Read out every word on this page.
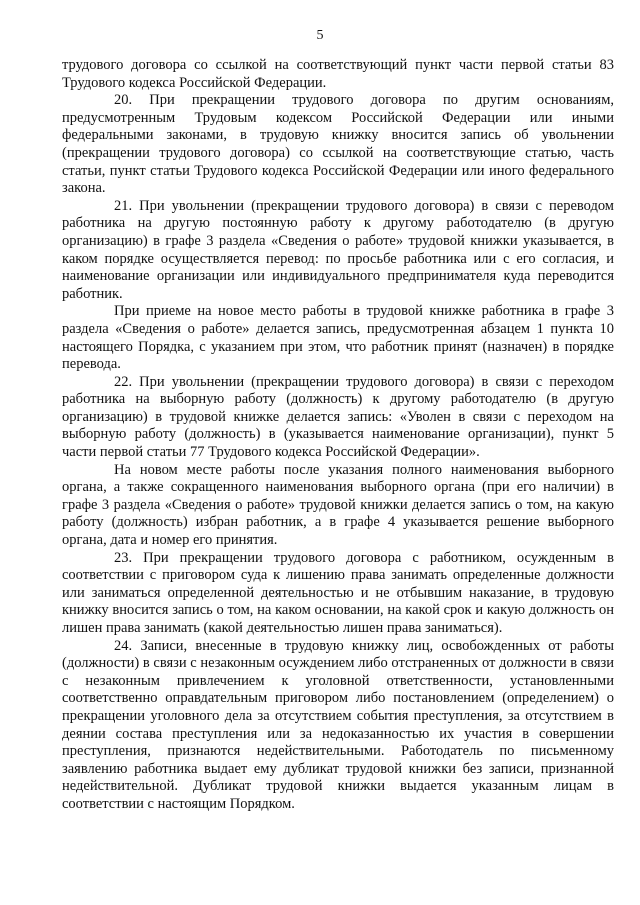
5

трудового договора со ссылкой на соответствующий пункт части первой статьи 83 Трудового кодекса Российской Федерации.

20. При прекращении трудового договора по другим основаниям, предусмотренным Трудовым кодексом Российской Федерации или иными федеральными законами, в трудовую книжку вносится запись об увольнении (прекращении трудового договора) со ссылкой на соответствующие статью, часть статьи, пункт статьи Трудового кодекса Российской Федерации или иного федерального закона.

21. При увольнении (прекращении трудового договора) в связи с переводом работника на другую постоянную работу к другому работодателю (в другую организацию) в графе 3 раздела «Сведения о работе» трудовой книжки указывается, в каком порядке осуществляется перевод: по просьбе работника или с его согласия, и наименование организации или индивидуального предпринимателя куда переводится работник.

При приеме на новое место работы в трудовой книжке работника в графе 3 раздела «Сведения о работе» делается запись, предусмотренная абзацем 1 пункта 10 настоящего Порядка, с указанием при этом, что работник принят (назначен) в порядке перевода.

22. При увольнении (прекращении трудового договора) в связи с переходом работника на выборную работу (должность) к другому работодателю (в другую организацию) в трудовой книжке делается запись: «Уволен в связи с переходом на выборную работу (должность) в (указывается наименование организации), пункт 5 части первой статьи 77 Трудового кодекса Российской Федерации».

На новом месте работы после указания полного наименования выборного органа, а также сокращенного наименования выборного органа (при его наличии) в графе 3 раздела «Сведения о работе» трудовой книжки делается запись о том, на какую работу (должность) избран работник, а в графе 4 указывается решение выборного органа, дата и номер его принятия.

23. При прекращении трудового договора с работником, осужденным в соответствии с приговором суда к лишению права занимать определенные должности или заниматься определенной деятельностью и не отбывшим наказание, в трудовую книжку вносится запись о том, на каком основании, на какой срок и какую должность он лишен права занимать (какой деятельностью лишен права заниматься).

24. Записи, внесенные в трудовую книжку лиц, освобожденных от работы (должности) в связи с незаконным осуждением либо отстраненных от должности в связи с незаконным привлечением к уголовной ответственности, установленными соответственно оправдательным приговором либо постановлением (определением) о прекращении уголовного дела за отсутствием события преступления, за отсутствием в деянии состава преступления или за недоказанностью их участия в совершении преступления, признаются недействительными. Работодатель по письменному заявлению работника выдает ему дубликат трудовой книжки без записи, признанной недействительной. Дубликат трудовой книжки выдается указанным лицам в соответствии с настоящим Порядком.
